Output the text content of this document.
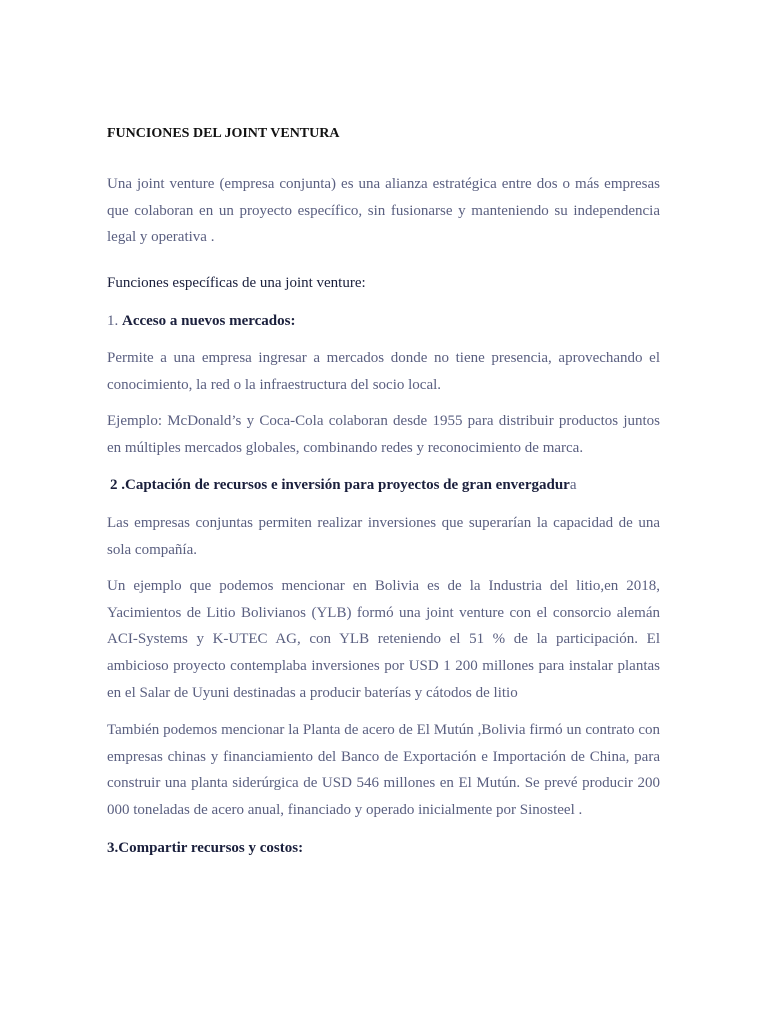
FUNCIONES DEL JOINT VENTURA

Una joint venture (empresa conjunta) es una alianza estratégica entre dos o más empresas que colaboran en un proyecto específico, sin fusionarse y manteniendo su independencia legal y operativa .

Funciones específicas de una joint venture:

1. Acceso a nuevos mercados:

Permite a una empresa ingresar a mercados donde no tiene presencia, aprovechando el conocimiento, la red o la infraestructura del socio local.

Ejemplo: McDonald’s y Coca-Cola colaboran desde 1955 para distribuir productos juntos en múltiples mercados globales, combinando redes y reconocimiento de marca.

2 .Captación de recursos e inversión para proyectos de gran envergadura

Las empresas conjuntas permiten realizar inversiones que superarían la capacidad de una sola compañía.

Un ejemplo que podemos mencionar en Bolivia es de la Industria del litio,en 2018, Yacimientos de Litio Bolivianos (YLB) formó una joint venture con el consorcio alemán ACI-Systems y K-UTEC AG, con YLB reteniendo el 51 % de la participación. El ambicioso proyecto contemplaba inversiones por USD 1 200 millones para instalar plantas en el Salar de Uyuni destinadas a producir baterías y cátodos de litio

También podemos mencionar la Planta de acero de El Mutún ,Bolivia firmó un contrato con empresas chinas y financiamiento del Banco de Exportación e Importación de China, para construir una planta siderúrgica de USD 546 millones en El Mutún. Se prevé producir 200 000 toneladas de acero anual, financiado y operado inicialmente por Sinosteel .

3.Compartir recursos y costos:
